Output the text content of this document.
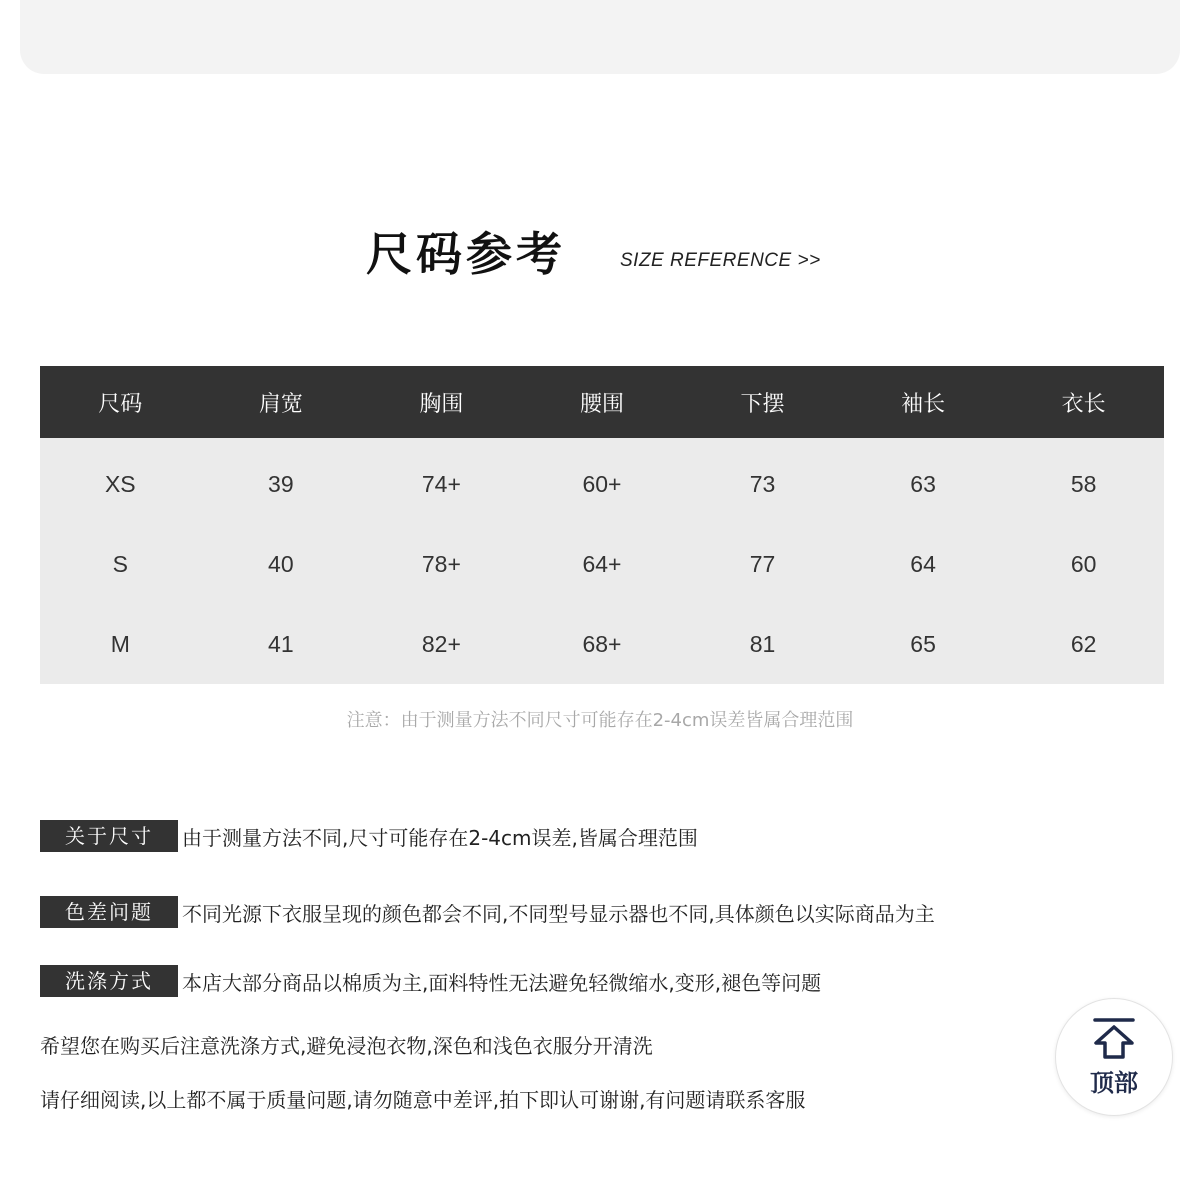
尺码参考	SIZE REFERENCE >>
尺码	肩宽	胸围	腰围	下摆	袖长	衣长
XS	39	74+	60+	73	63	58
S	40	78+	64+	77	64	60
M	41	82+	68+	81	65	62
注意：由于测量方法不同尺寸可能存在2-4cm误差皆属合理范围
关于尺寸	由于测量方法不同,尺寸可能存在2-4cm误差,皆属合理范围
色差问题	不同光源下衣服呈现的颜色都会不同,不同型号显示器也不同,具体颜色以实际商品为主
洗涤方式	本店大部分商品以棉质为主,面料特性无法避免轻微缩水,变形,褪色等问题
希望您在购买后注意洗涤方式,避免浸泡衣物,深色和浅色衣服分开清洗
请仔细阅读,以上都不属于质量问题,请勿随意中差评,拍下即认可谢谢,有问题请联系客服
顶部
